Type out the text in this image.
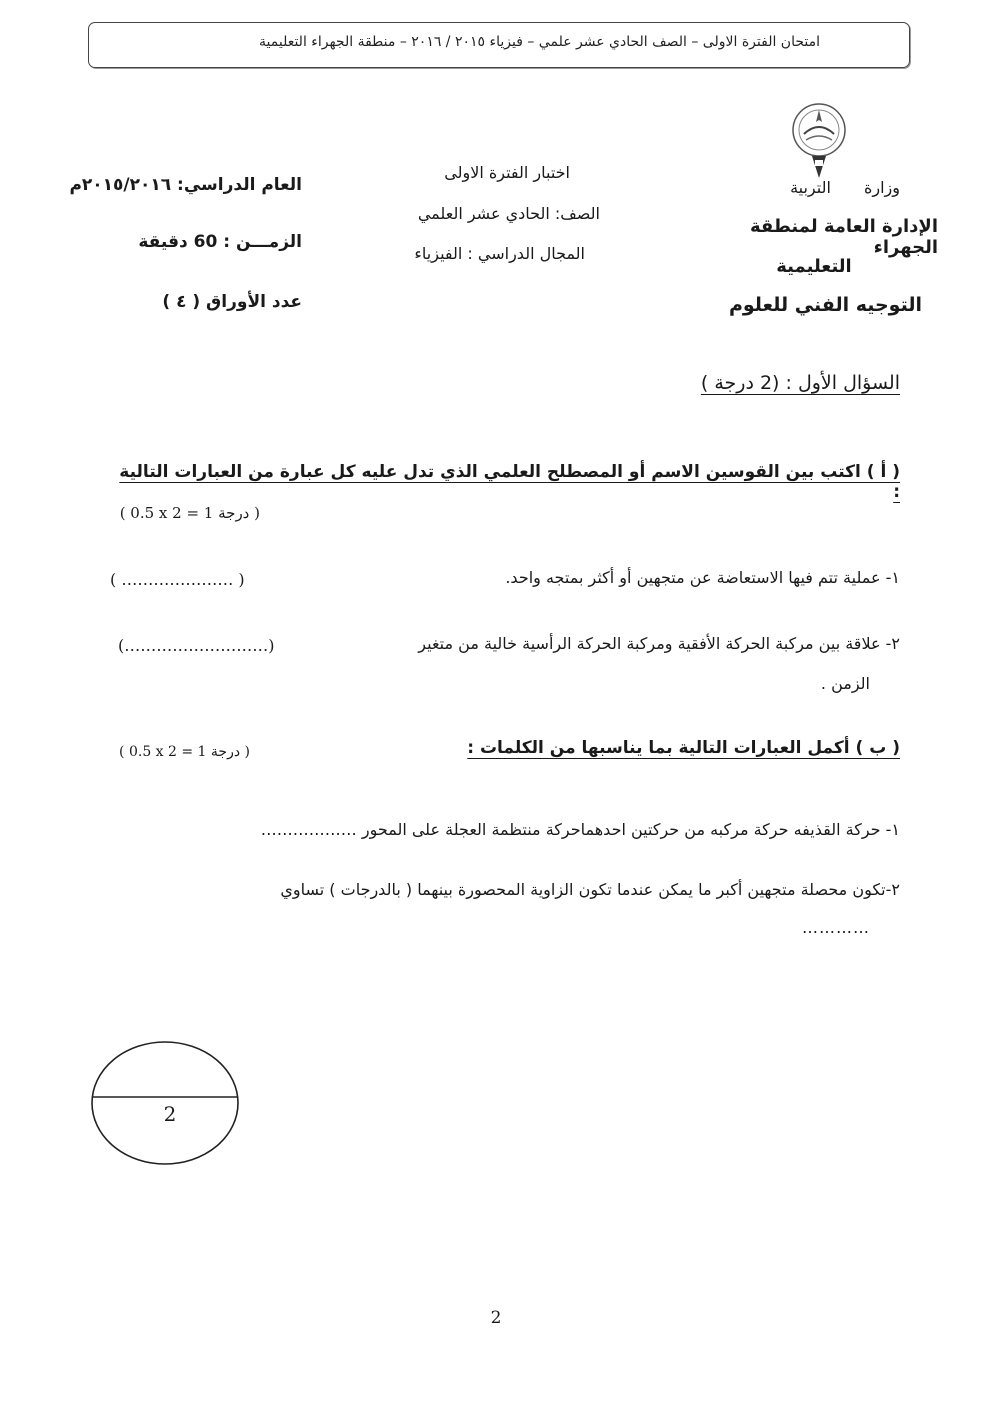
امتحان الفترة الاولى – الصف الحادي عشر علمي – فيزياء ٢٠١٥ / ٢٠١٦ – منطقة الجهراء التعليمية
وزارة التربية
الإدارة العامة لمنطقة الجهراء
التعليمية
التوجيه الفني للعلوم
اختبار الفترة الاولى
الصف: الحادي عشر العلمي
المجال الدراسي : الفيزياء
العام الدراسي: ٢٠١٥/٢٠١٦م
الزمـــن : 60 دقيقة
عدد الأوراق ( ٤ )
السؤال الأول : (2 درجة )
( أ ) اكتب بين القوسين الاسم أو المصطلح العلمي الذي تدل عليه كل عبارة من العبارات التالية :
( 0.5 x 2 = 1 درجة )
١- عملية تتم فيها الاستعاضة عن متجهين أو أكثر بمتجه واحد.
( ………………… )
٢- علاقة بين مركبة الحركة الأفقية ومركبة الحركة الرأسية خالية من متغير
الزمن .
(………………………)
( ب ) أكمل العبارات التالية بما يناسبها من الكلمات :
( 0.5 x 2 = 1 درجة )
١- حركة القذيفه حركة مركبه من حركتين احدهماحركة منتظمة العجلة على المحور ………………
٢-تكون محصلة متجهين أكبر ما يمكن عندما تكون الزاوية المحصورة بينهما ( بالدرجات ) تساوي
…………
2
2
